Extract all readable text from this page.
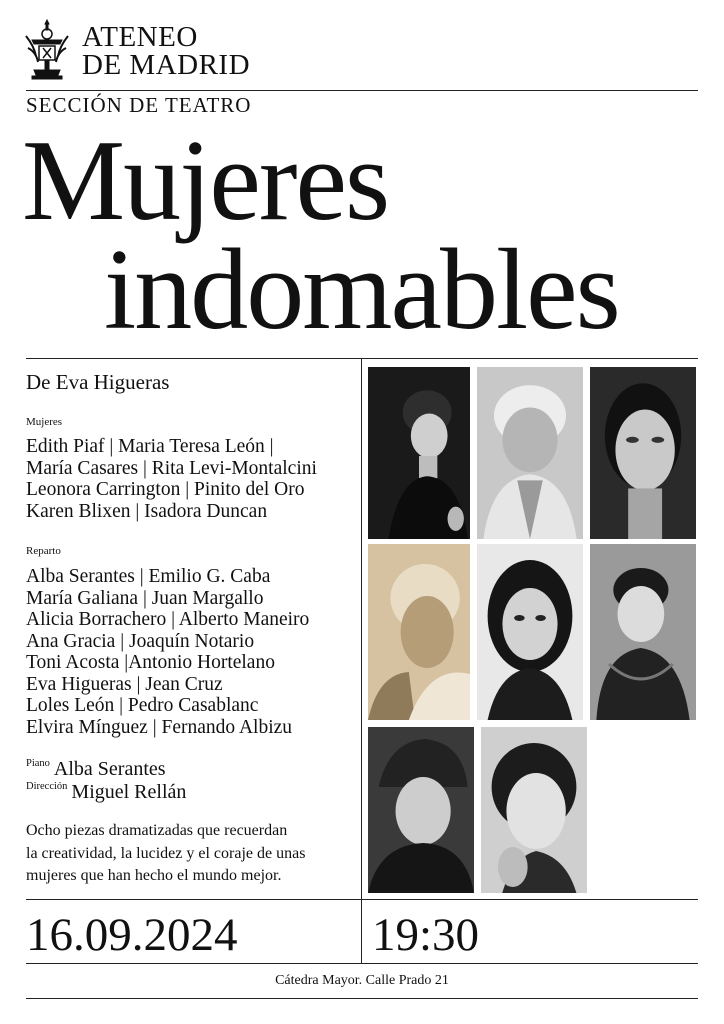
ATENEO
DE MADRID
SECCIÓN DE TEATRO
Mujeres
indomables
De Eva Higueras
Mujeres
Edith Piaf | Maria Teresa León |
María Casares | Rita Levi-Montalcini
Leonora Carrington | Pinito del Oro
Karen Blixen | Isadora Duncan
Reparto
Alba Serantes | Emilio G. Caba
María Galiana | Juan Margallo
Alicia Borrachero | Alberto Maneiro
Ana Gracia | Joaquín Notario
Toni Acosta |Antonio Hortelano
Eva Higueras | Jean Cruz
Loles León | Pedro Casablanc
Elvira Mínguez | Fernando Albizu
$^{Piano}$ Alba Serantes
$^{Dirección}$ Miguel Rellán
Ocho piezas dramatizadas que recuerdan
la creatividad, la lucidez y el coraje de unas
mujeres que han hecho el mundo mejor.
16.09.2024	19:30
Cátedra Mayor. Calle Prado 21
